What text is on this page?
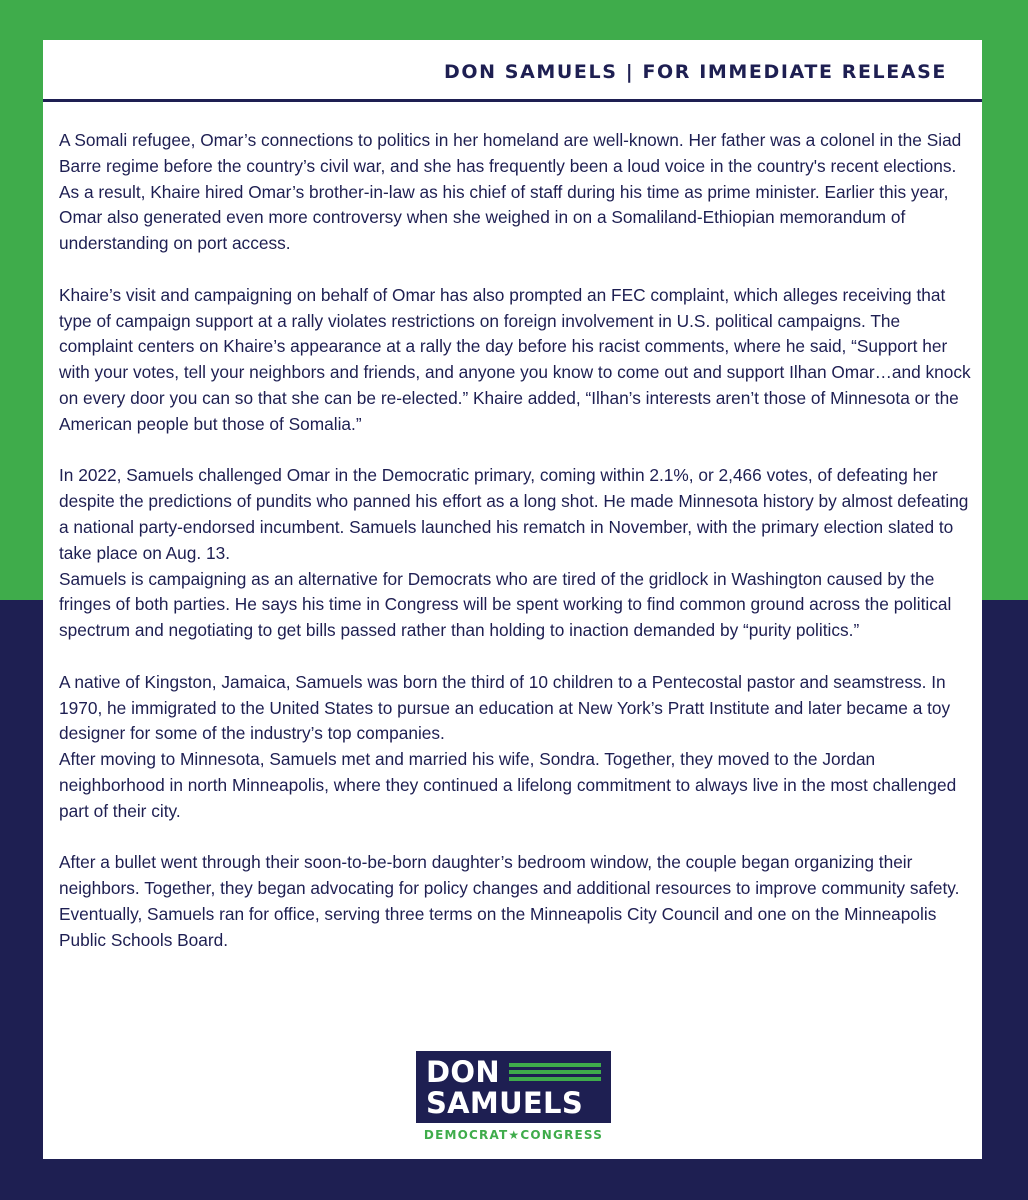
DON SAMUELS | FOR IMMEDIATE RELEASE

A Somali refugee, Omar’s connections to politics in her homeland are well-known. Her father was a colonel in the Siad Barre regime before the country’s civil war, and she has frequently been a loud voice in the country's recent elections. As a result, Khaire hired Omar’s brother-in-law as his chief of staff during his time as prime minister. Earlier this year, Omar also generated even more controversy when she weighed in on a Somaliland-Ethiopian memorandum of understanding on port access.

Khaire’s visit and campaigning on behalf of Omar has also prompted an FEC complaint, which alleges receiving that type of campaign support at a rally violates restrictions on foreign involvement in U.S. political campaigns. The complaint centers on Khaire’s appearance at a rally the day before his racist comments, where he said, “Support her with your votes, tell your neighbors and friends, and anyone you know to come out and support Ilhan Omar…and knock on every door you can so that she can be re-elected.” Khaire added, “Ilhan’s interests aren’t those of Minnesota or the American people but those of Somalia.”

In 2022, Samuels challenged Omar in the Democratic primary, coming within 2.1%, or 2,466 votes, of defeating her despite the predictions of pundits who panned his effort as a long shot. He made Minnesota history by almost defeating a national party-endorsed incumbent. Samuels launched his rematch in November, with the primary election slated to take place on Aug. 13.

Samuels is campaigning as an alternative for Democrats who are tired of the gridlock in Washington caused by the fringes of both parties. He says his time in Congress will be spent working to find common ground across the political spectrum and negotiating to get bills passed rather than holding to inaction demanded by “purity politics.”

A native of Kingston, Jamaica, Samuels was born the third of 10 children to a Pentecostal pastor and seamstress. In 1970, he immigrated to the United States to pursue an education at New York’s Pratt Institute and later became a toy designer for some of the industry’s top companies.

After moving to Minnesota, Samuels met and married his wife, Sondra. Together, they moved to the Jordan neighborhood in north Minneapolis, where they continued a lifelong commitment to always live in the most challenged part of their city.

After a bullet went through their soon-to-be-born daughter’s bedroom window, the couple began organizing their neighbors. Together, they began advocating for policy changes and additional resources to improve community safety. Eventually, Samuels ran for office, serving three terms on the Minneapolis City Council and one on the Minneapolis Public Schools Board.

DON
SAMUELS
DEMOCRAT★CONGRESS
